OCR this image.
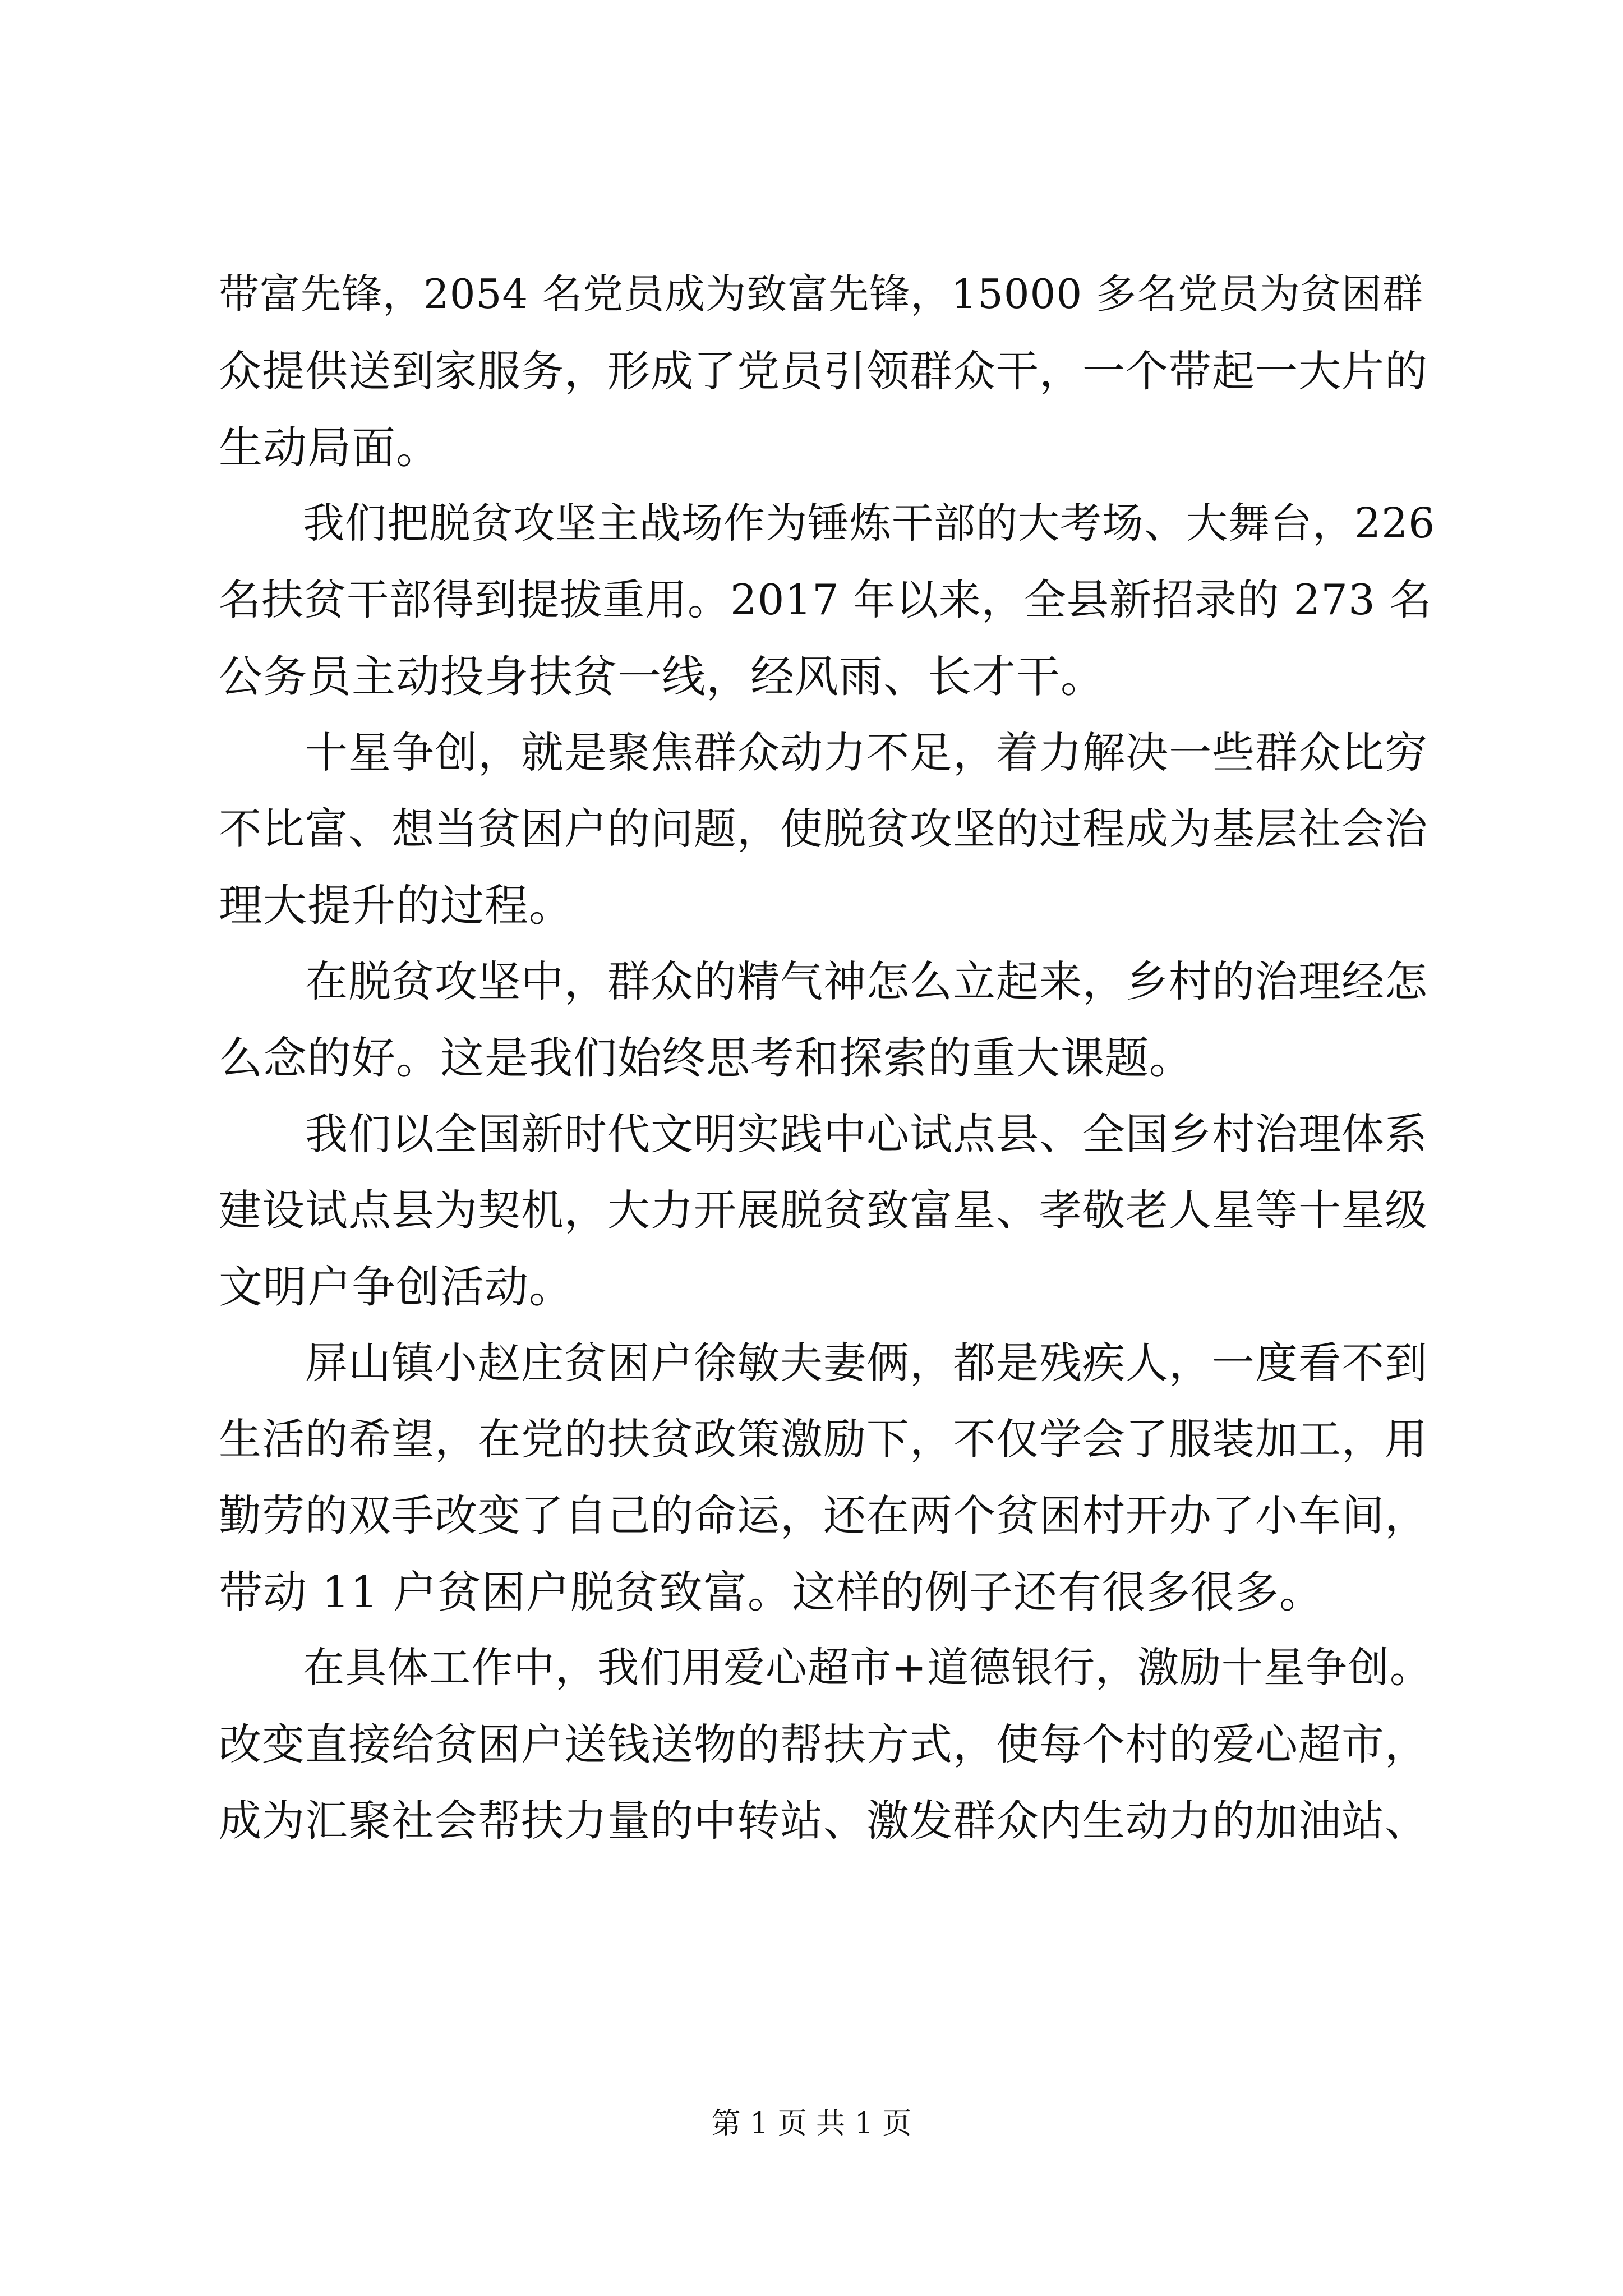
带富先锋，2054 名党员成为致富先锋，15000 多名党员为贫困群
众提供送到家服务，形成了党员引领群众干，一个带起一大片的
生动局面。
　　我们把脱贫攻坚主战场作为锤炼干部的大考场、大舞台，226
名扶贫干部得到提拔重用。2017 年以来，全县新招录的 273 名
公务员主动投身扶贫一线，经风雨、长才干。
　　十星争创，就是聚焦群众动力不足，着力解决一些群众比穷
不比富、想当贫困户的问题，使脱贫攻坚的过程成为基层社会治
理大提升的过程。
　　在脱贫攻坚中，群众的精气神怎么立起来，乡村的治理经怎
么念的好。这是我们始终思考和探索的重大课题。
　　我们以全国新时代文明实践中心试点县、全国乡村治理体系
建设试点县为契机，大力开展脱贫致富星、孝敬老人星等十星级
文明户争创活动。
　　屏山镇小赵庄贫困户徐敏夫妻俩，都是残疾人，一度看不到
生活的希望，在党的扶贫政策激励下，不仅学会了服装加工，用
勤劳的双手改变了自己的命运，还在两个贫困村开办了小车间，
带动 11 户贫困户脱贫致富。这样的例子还有很多很多。
　　在具体工作中，我们用爱心超市+道德银行，激励十星争创。
改变直接给贫困户送钱送物的帮扶方式，使每个村的爱心超市，
成为汇聚社会帮扶力量的中转站、激发群众内生动力的加油站、
第 1 页 共 1 页
